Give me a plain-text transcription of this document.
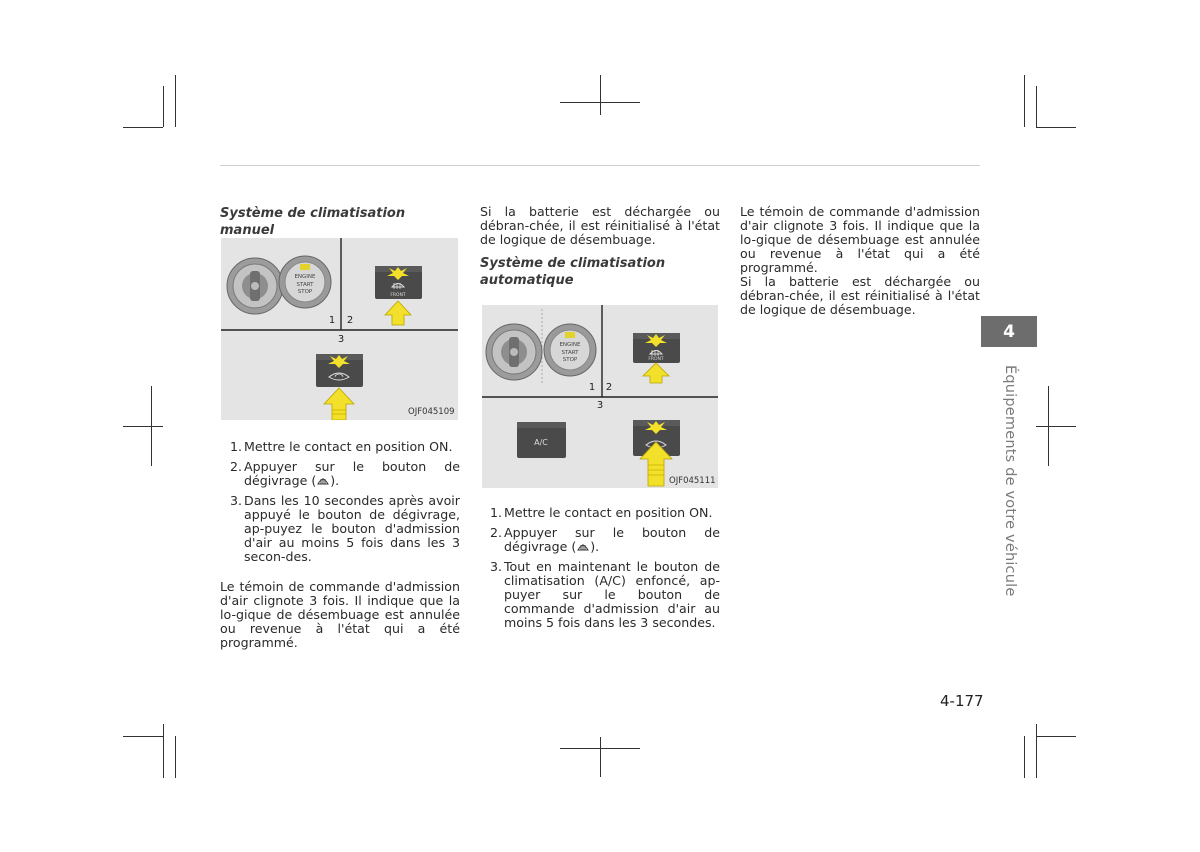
Système de climatisation manuel
ENGINE
START
STOP
FRONT
1 2
3
OJF045109
1. Mettre le contact en position ON.
2. Appuyer sur le bouton de dégivrage ( ).
3. Dans les 10 secondes après avoir appuyé le bouton de dégivrage, ap-puyez le bouton d'admission d'air au moins 5 fois dans les 3 secon-des.

Le témoin de commande d'admission d'air clignote 3 fois. Il indique que la lo-gique de désembuage est annulée ou revenue à l'état qui a été programmé.

Si la batterie est déchargée ou débran-chée, il est réinitialisé à l'état de logique de désembuage.

Système de climatisation
automatique
ENGINE
START
STOP	FRONT
1 2
3
A/C
OJF045111
1. Mettre le contact en position ON.
2. Appuyer sur le bouton de dégivrage ( ).
3. Tout en maintenant le bouton de climatisation (A/C) enfoncé, ap-puyer sur le bouton de commande d'admission d'air au moins 5 fois dans les 3 secondes.

Le témoin de commande d'admission d'air clignote 3 fois. Il indique que la lo-gique de désembuage est annulée ou revenue à l'état qui a été programmé.

Si la batterie est déchargée ou débran-chée, il est réinitialisé à l'état de logique de désembuage.

4
Équipements de votre véhicule
4-177
